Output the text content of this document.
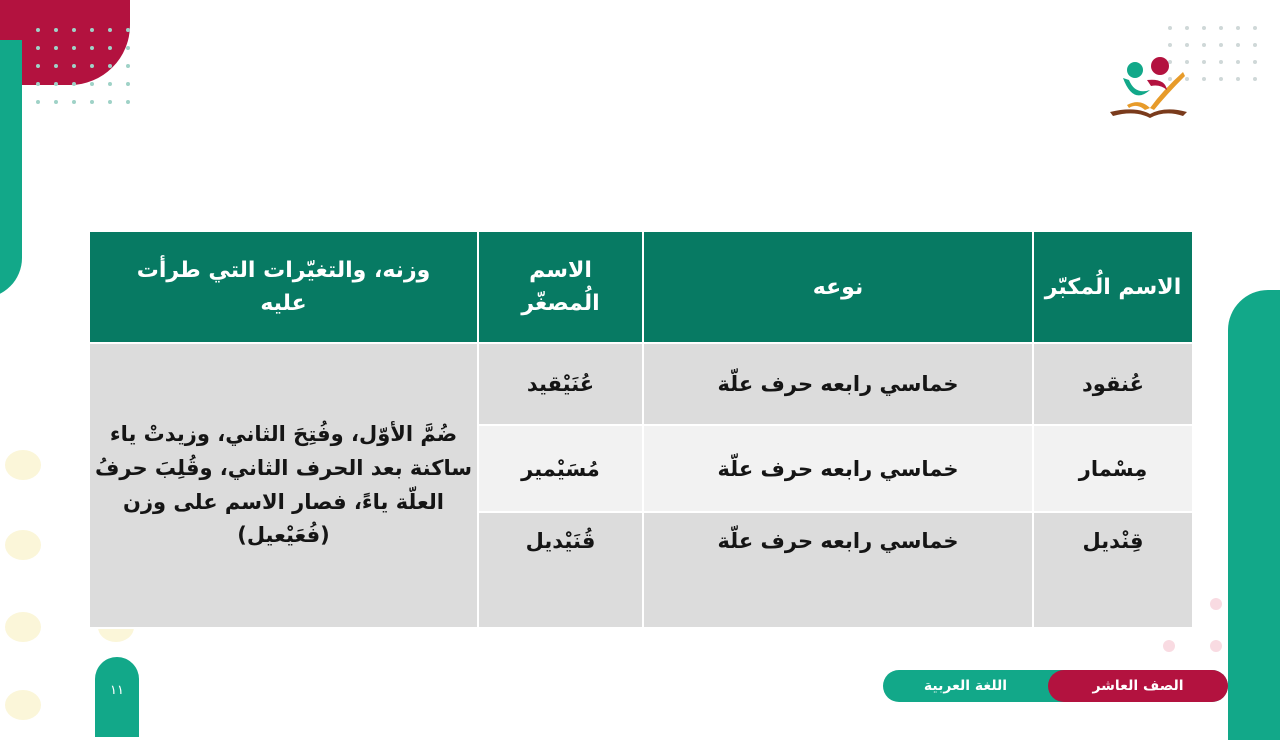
الاسم الُمكبّر	نوعه	الاسم الُمصغّر	وزنه، والتغيّرات التي طرأت عليه
عُنقود	خماسي رابعه حرف علّة	عُنَيْقيد	ضُمَّ الأوّل، وفُتِحَ الثاني، وزيدتْ ياء ساكنة بعد الحرف الثاني، وقُلِبَ حرفُ العلّة ياءً، فصار الاسم على وزن (فُعَيْعيل)
مِسْمار	خماسي رابعه حرف علّة	مُسَيْمير	
قِنْديل	خماسي رابعه حرف علّة	قُنَيْديل	
١١	اللغة العربية	الصف العاشر
